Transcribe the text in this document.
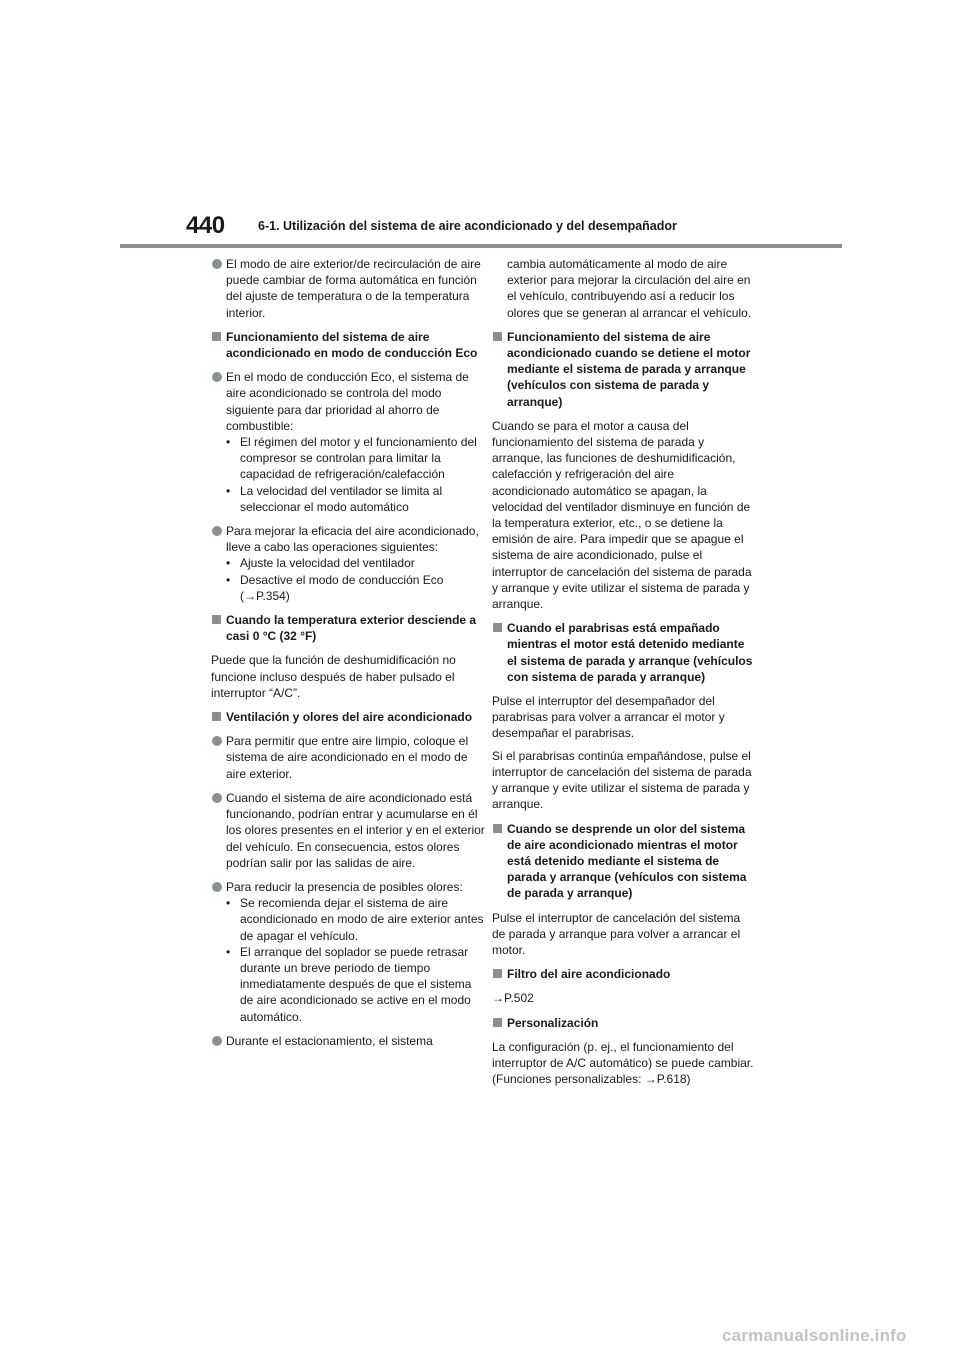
440	6-1. Utilización del sistema de aire acondicionado y del desempañador
El modo de aire exterior/de recirculación de aire puede cambiar de forma automática en función del ajuste de temperatura o de la temperatura interior.
Funcionamiento del sistema de aire acondicionado en modo de conducción Eco
En el modo de conducción Eco, el sistema de aire acondicionado se controla del modo siguiente para dar prioridad al ahorro de combustible:
• El régimen del motor y el funcionamiento del compresor se controlan para limitar la capacidad de refrigeración/calefacción
• La velocidad del ventilador se limita al seleccionar el modo automático
Para mejorar la eficacia del aire acondicionado, lleve a cabo las operaciones siguientes:
• Ajuste la velocidad del ventilador
• Desactive el modo de conducción Eco
(→P.354)
Cuando la temperatura exterior desciende a casi 0 °C (32 °F)
Puede que la función de deshumidificación no funcione incluso después de haber pulsado el interruptor “A/C”.
Ventilación y olores del aire acondicionado
Para permitir que entre aire limpio, coloque el sistema de aire acondicionado en el modo de aire exterior.
Cuando el sistema de aire acondicionado está funcionando, podrían entrar y acumularse en él los olores presentes en el interior y en el exterior del vehículo. En consecuencia, estos olores podrían salir por las salidas de aire.
Para reducir la presencia de posibles olores:
• Se recomienda dejar el sistema de aire acondicionado en modo de aire exterior antes de apagar el vehículo.
• El arranque del soplador se puede retrasar durante un breve periodo de tiempo inmediatamente después de que el sistema de aire acondicionado se active en el modo automático.
Durante el estacionamiento, el sistema
cambia automáticamente al modo de aire exterior para mejorar la circulación del aire en el vehículo, contribuyendo así a reducir los olores que se generan al arrancar el vehículo.
Funcionamiento del sistema de aire acondicionado cuando se detiene el motor mediante el sistema de parada y arranque (vehículos con sistema de parada y arranque)
Cuando se para el motor a causa del funcionamiento del sistema de parada y arranque, las funciones de deshumidificación, calefacción y refrigeración del aire acondicionado automático se apagan, la velocidad del ventilador disminuye en función de la temperatura exterior, etc., o se detiene la emisión de aire. Para impedir que se apague el sistema de aire acondicionado, pulse el interruptor de cancelación del sistema de parada y arranque y evite utilizar el sistema de parada y arranque.
Cuando el parabrisas está empañado mientras el motor está detenido mediante el sistema de parada y arranque (vehículos con sistema de parada y arranque)

Pulse el interruptor del desempañador del parabrisas para volver a arrancar el motor y desempañar el parabrisas.

Si el parabrisas continúa empañándose, pulse el interruptor de cancelación del sistema de parada y arranque y evite utilizar el sistema de parada y arranque.

Cuando se desprende un olor del sistema de aire acondicionado mientras el motor está detenido mediante el sistema de parada y arranque (vehículos con sistema de parada y arranque)
Pulse el interruptor de cancelación del sistema de parada y arranque para volver a arrancar el motor.
Filtro del aire acondicionado
→P.502
Personalización
La configuración (p. ej., el funcionamiento del interruptor de A/C automático) se puede cambiar.
(Funciones personalizables: →P.618)
carmanualsonline.info
